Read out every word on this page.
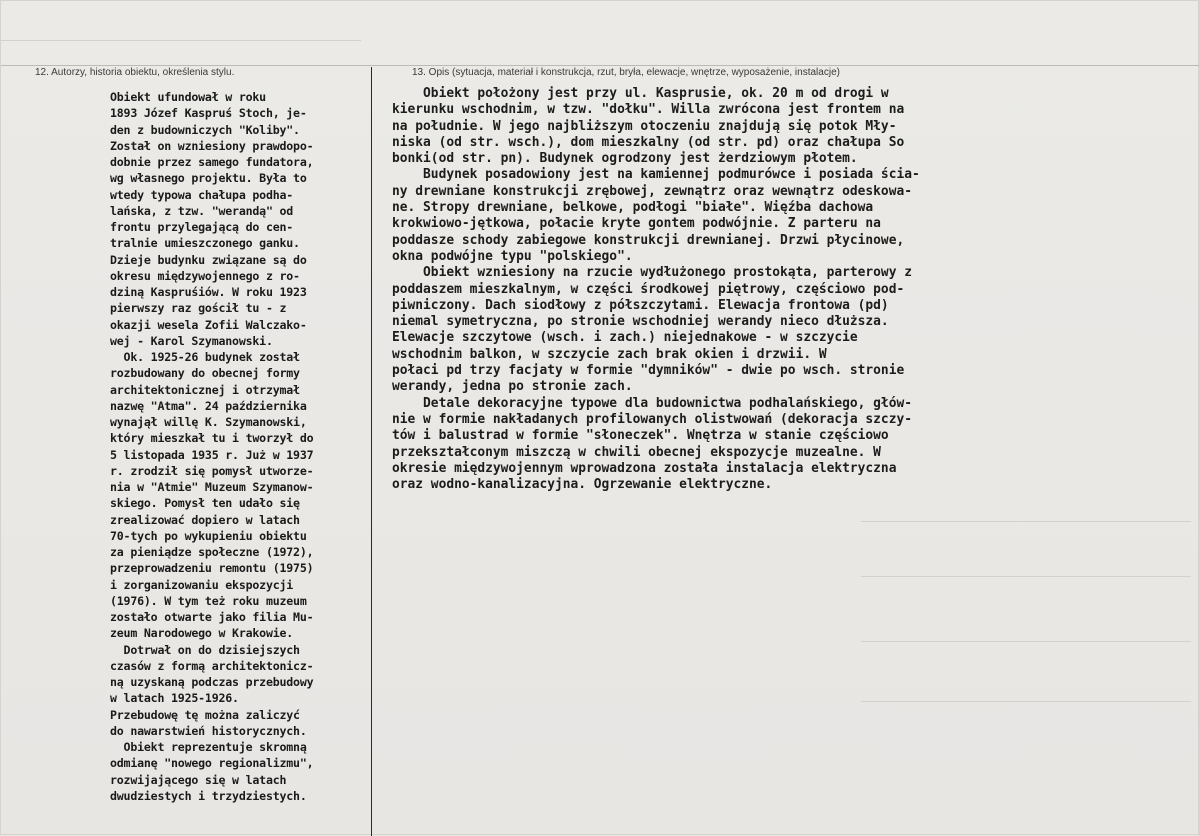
12. Autorzy, historia obiektu, określenia stylu.	13. Opis (sytuacja, materiał i konstrukcja, rzut, bryła, elewacje, wnętrze, wyposażenie, instalacje)
Obiekt ufundował w roku
1893 Józef Kaspruś Stoch, je-
den z budowniczych "Koliby".
Został on wzniesiony prawdopo-
dobnie przez samego fundatora,
wg własnego projektu. Była to
wtedy typowa chałupa podha-
lańska, z tzw. "werandą" od
frontu przylegającą do cen-
tralnie umieszczonego ganku.
Dzieje budynku związane są do
okresu międzywojennego z ro-
dziną Kaspruśiów. W roku 1923
pierwszy raz gościł tu - z
okazji wesela Zofii Walczako-
wej - Karol Szymanowski.
Ok. 1925-26 budynek został
rozbudowany do obecnej formy
architektonicznej i otrzymał
nazwę "Atma". 24 października
wynajął willę K. Szymanowski,
który mieszkał tu i tworzył do
5 listopada 1935 r. Już w 1937
r. zrodził się pomysł utworze-
nia w "Atmie" Muzeum Szymanow-
skiego. Pomysł ten udało się
zrealizować dopiero w latach
70-tych po wykupieniu obiektu
za pieniądze społeczne (1972),
przeprowadzeniu remontu (1975)
i zorganizowaniu ekspozycji
(1976). W tym też roku muzeum
zostało otwarte jako filia Mu-
zeum Narodowego w Krakowie.
Dotrwał on do dzisiejszych
czasów z formą architektonicz-
ną uzyskaną podczas przebudowy
w latach 1925-1926.
Przebudowę tę można zaliczyć
do nawarstwień historycznych.
Obiekt reprezentuje skromną
odmianę "nowego regionalizmu",
rozwijającego się w latach
dwudziestych i trzydziestych.
Obiekt położony jest przy ul. Kasprusie, ok. 20 m od drogi w
kierunku wschodnim, w tzw. "dołku". Willa zwrócona jest frontem na
na południe. W jego najbliższym otoczeniu znajdują się potok Mły-
niska (od str. wsch.), dom mieszkalny (od str. pd) oraz chałupa So
bonki(od str. pn). Budynek ogrodzony jest żerdziowym płotem.
Budynek posadowiony jest na kamiennej podmurówce i posiada ścia-
ny drewniane konstrukcji zrębowej, zewnątrz oraz wewnątrz odeskowa-
ne. Stropy drewniane, belkowe, podłogi "białe". Więźba dachowa
krokwiowo-jętkowa, połacie kryte gontem podwójnie. Z parteru na
poddasze schody zabiegowe konstrukcji drewnianej. Drzwi płycinowe,
okna podwójne typu "polskiego".
Obiekt wzniesiony na rzucie wydłużonego prostokąta, parterowy z
poddaszem mieszkalnym, w części środkowej piętrowy, częściowo pod-
piwniczony. Dach siodłowy z półszczytami. Elewacja frontowa (pd)
niemal symetryczna, po stronie wschodniej werandy nieco dłuższa.
Elewacje szczytowe (wsch. i zach.) niejednakowe - w szczycie
wschodnim balkon, w szczycie zach brak okien i drzwii. W
połaci pd trzy facjaty w formie "dymników" - dwie po wsch. stronie
werandy, jedna po stronie zach.
Detale dekoracyjne typowe dla budownictwa podhalańskiego, głów-
nie w formie nakładanych profilowanych olistwowań (dekoracja szczy-
tów i balustrad w formie "słoneczek". Wnętrza w stanie częściowo
przekształconym miszczą w chwili obecnej ekspozycje muzealne. W
okresie międzywojennym wprowadzona została instalacja elektryczna
oraz wodno-kanalizacyjna. Ogrzewanie elektryczne.
